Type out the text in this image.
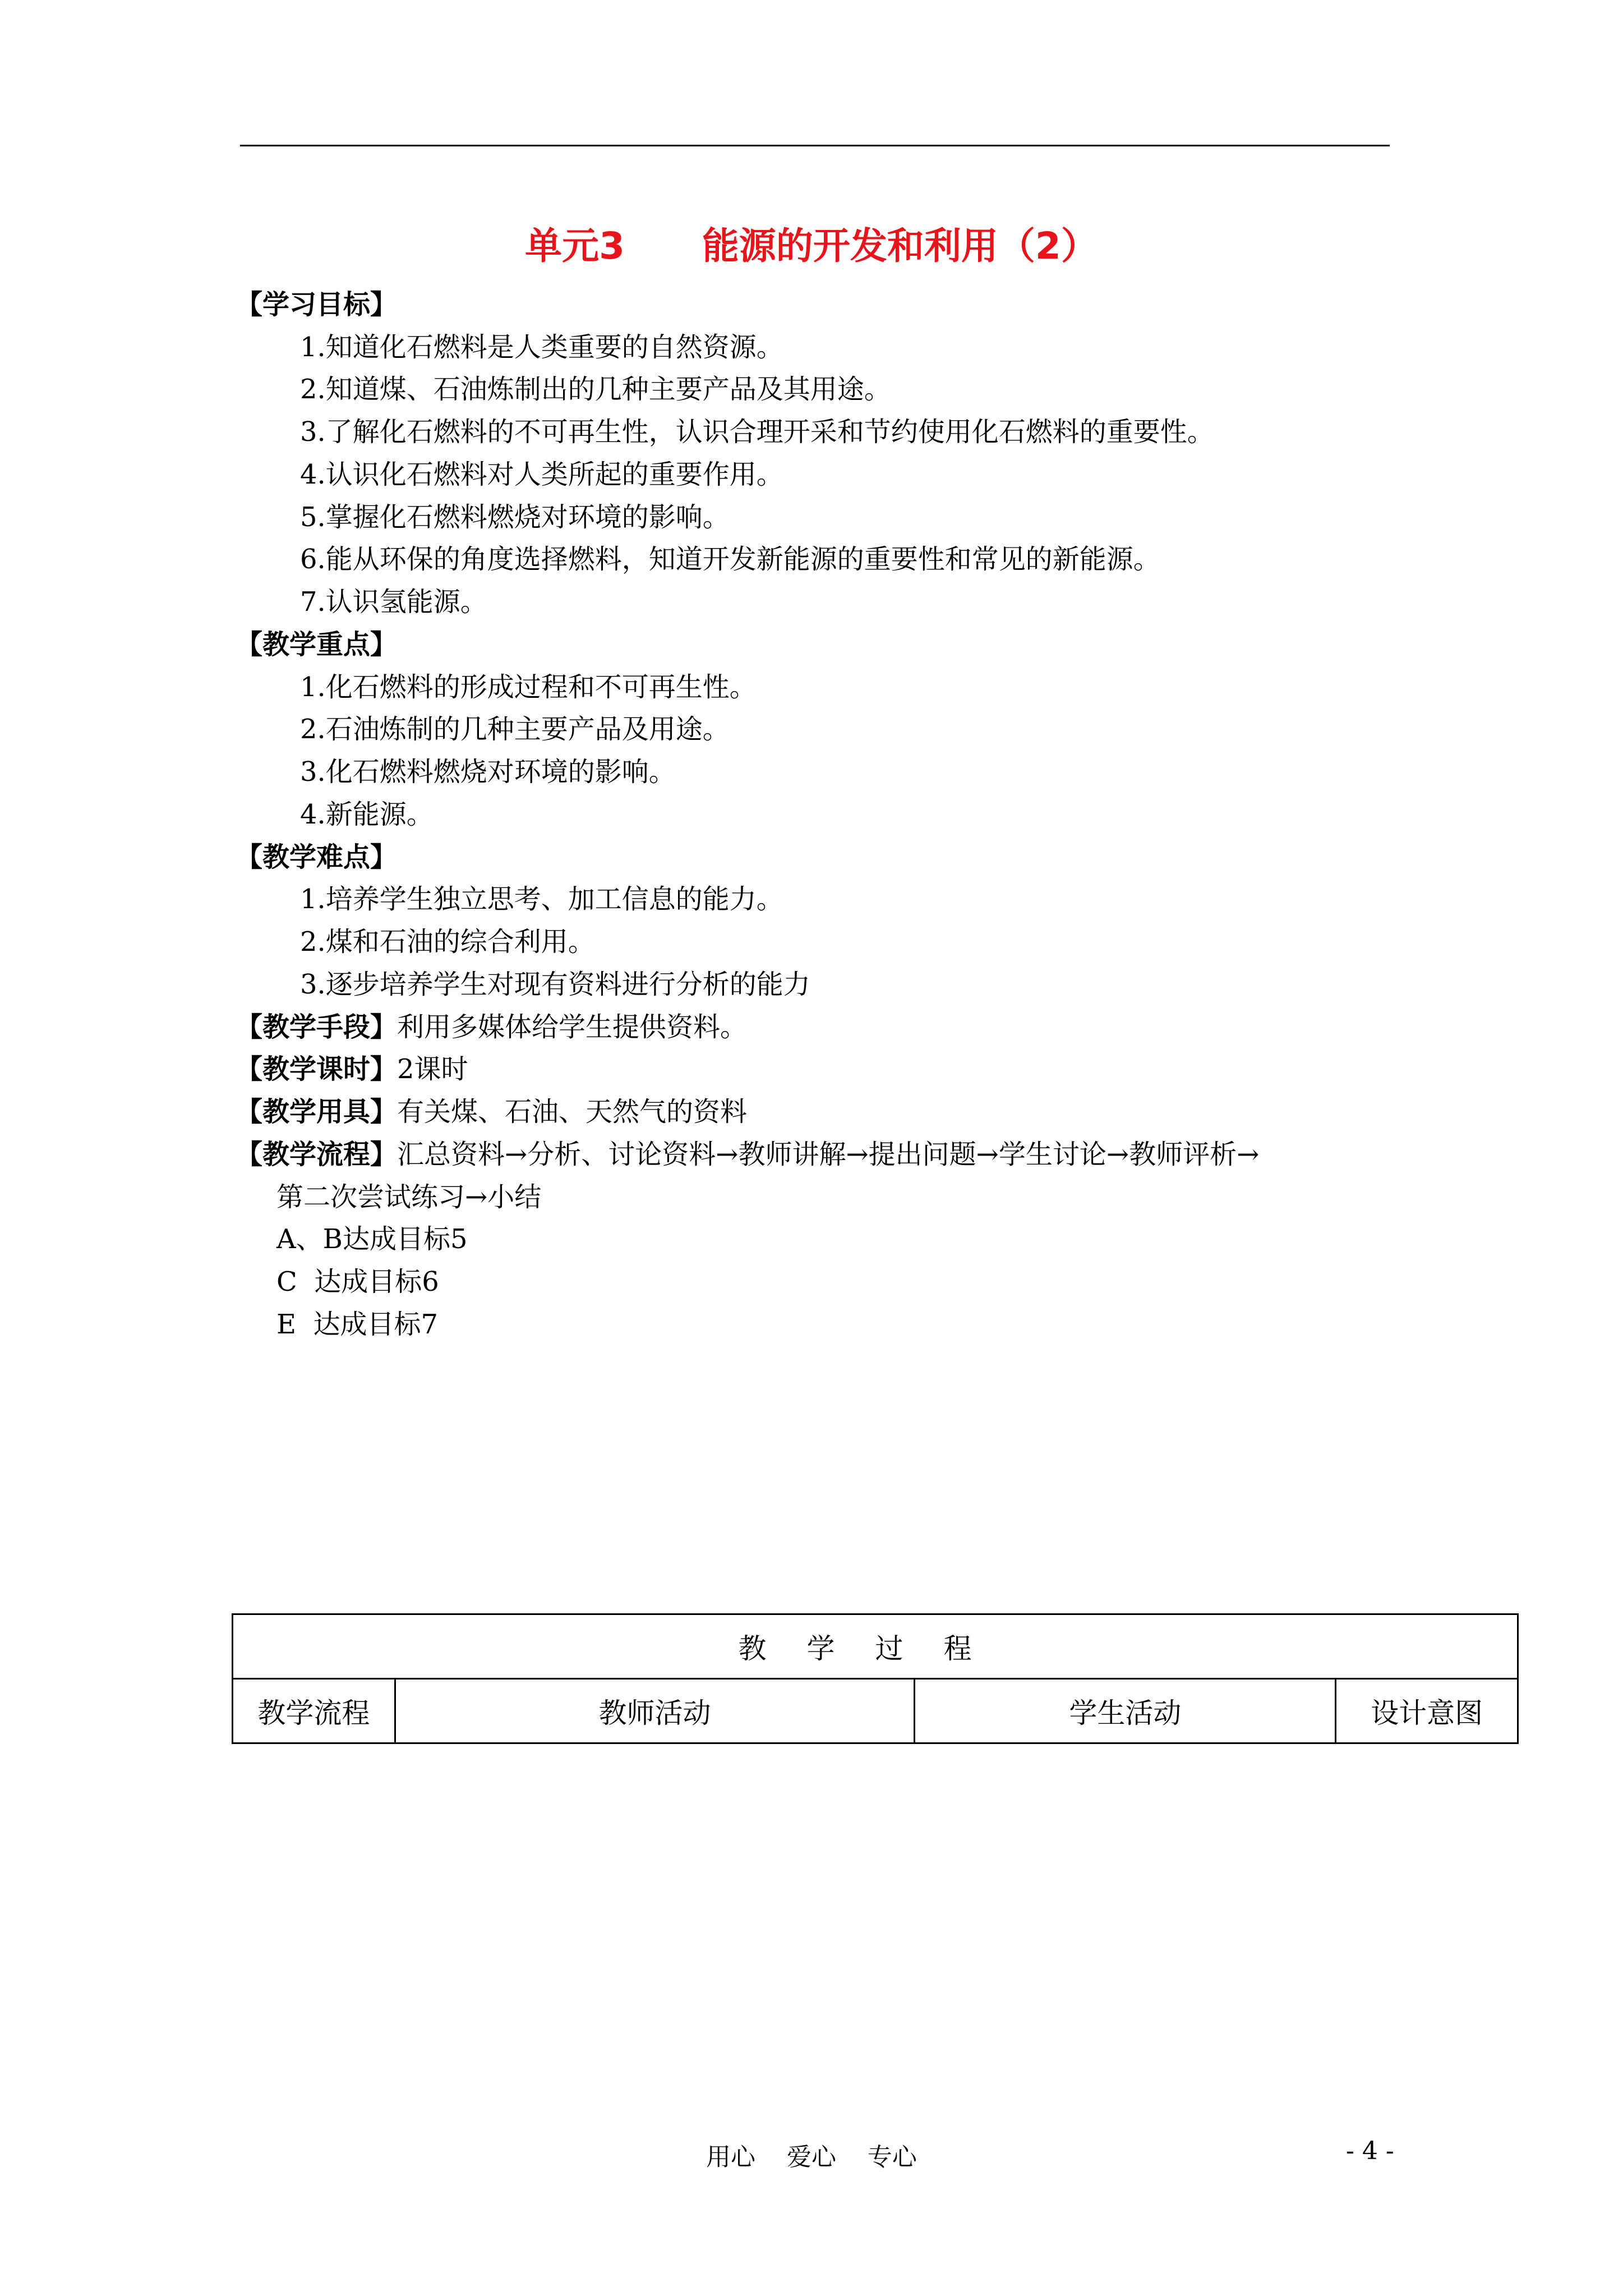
单元3      能源的开发和利用（2）
【学习目标】
1.知道化石燃料是人类重要的自然资源。
2.知道煤、石油炼制出的几种主要产品及其用途。
3.了解化石燃料的不可再生性，认识合理开采和节约使用化石燃料的重要性。
4.认识化石燃料对人类所起的重要作用。
5.掌握化石燃料燃烧对环境的影响。
6.能从环保的角度选择燃料，知道开发新能源的重要性和常见的新能源。
7.认识氢能源。
【教学重点】
1.化石燃料的形成过程和不可再生性。
2.石油炼制的几种主要产品及用途。
3.化石燃料燃烧对环境的影响。
4.新能源。
【教学难点】
1.培养学生独立思考、加工信息的能力。
2.煤和石油的综合利用。
3.逐步培养学生对现有资料进行分析的能力
【教学手段】利用多媒体给学生提供资料。
【教学课时】2课时
【教学用具】有关煤、石油、天然气的资料
【教学流程】汇总资料→分析、讨论资料→教师讲解→提出问题→学生讨论→教师评析→
第二次尝试练习→小结
A、B达成目标5
C  达成目标6
E  达成目标7
教学过程
教学流程	教师活动	学生活动	设计意图
用心    爱心    专心	- 4 -
